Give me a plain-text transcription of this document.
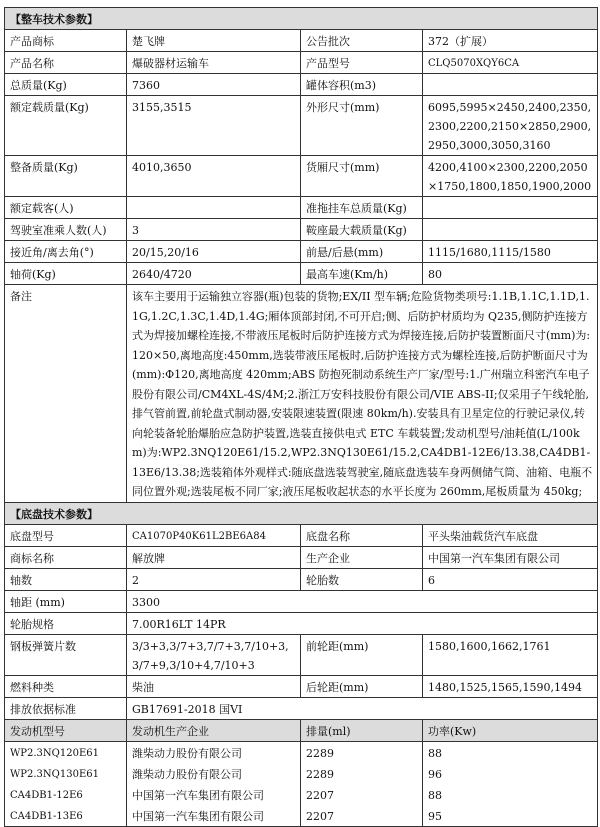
【整车技术参数】			
产品商标	楚飞牌	公告批次	372（扩展）
产品名称	爆破器材运输车	产品型号	CLQ5070XQY6CA
总质量(Kg)	7360	罐体容积(m3)	
额定载质量(Kg)	3155,3515	外形尺寸(mm)	6095,5995×2450,2400,2350,2300,2200,2150×2850,2900,2950,3000,3050,3160
整备质量(Kg)	4010,3650	货厢尺寸(mm)	4200,4100×2300,2200,2050×1750,1800,1850,1900,2000
额定载客(人)		准拖挂车总质量(Kg)	
驾驶室准乘人数(人)	3	鞍座最大载质量(Kg)	
接近角/离去角(°)	20/15,20/16	前悬/后悬(mm)	1115/1680,1115/1580
轴荷(Kg)	2640/4720	最高车速(Km/h)	80
备注	该车主要用于运输独立容器(瓶)包装的货物;EX/II 型车辆;危险货物类项号:1.1B,1.1C,1.1D,1.1G,1.2C,1.3C,1.4D,1.4G;厢体顶部封闭,不可开启;侧、后防护材质均为 Q235,侧防护连接方式为焊接加螺栓连接,不带液压尾板时后防护连接方式为焊接连接,后防护装置断面尺寸(mm)为:120×50,离地高度:450mm,选装带液压尾板时,后防护连接方式为螺栓连接,后防护断面尺寸为(mm):Φ120,离地高度 420mm;ABS 防抱死制动系统生产厂家/型号:1.广州瑞立科密汽车电子股份有限公司/CM4XL-4S/4M;2.浙江万安科技股份有限公司/VIE ABS-II;仅采用子午线轮胎,排气管前置,前轮盘式制动器,安装限速装置(限速 80km/h).安装具有卫星定位的行驶记录仪,转向轮装备轮胎爆胎应急防护装置,选装直接供电式 ETC 车载装置;发动机型号/油耗值(L/100km)为:WP2.3NQ120E61/15.2,WP2.3NQ130E61/15.2,CA4DB1-12E6/13.38,CA4DB1-13E6/13.38;选装箱体外观样式:随底盘选装驾驶室,随底盘选装车身两侧储气筒、油箱、电瓶不同位置外观;选装尾板不同厂家;液压尾板收起状态的水平长度为 260mm,尾板质量为 450kg;		
【底盘技术参数】			
底盘型号	CA1070P40K61L2BE6A84	底盘名称	平头柴油载货汽车底盘
商标名称	解放牌	生产企业	中国第一汽车集团有限公司
轴数	2	轮胎数	6
轴距 (mm)	3300		
轮胎规格	7.00R16LT 14PR		
钢板弹簧片数	3/3+3,3/7+3,7/7+3,7/10+3,3/7+9,3/10+4,7/10+3	前轮距(mm)	1580,1600,1662,1761
燃料种类	柴油	后轮距(mm)	1480,1525,1565,1590,1494
排放依据标准	GB17691-2018 国VI		
发动机型号	发动机生产企业	排量(ml)	功率(Kw)
WP2.3NQ120E61	潍柴动力股份有限公司	2289	88
WP2.3NQ130E61	潍柴动力股份有限公司	2289	96
CA4DB1-12E6	中国第一汽车集团有限公司	2207	88
CA4DB1-13E6	中国第一汽车集团有限公司	2207	95
